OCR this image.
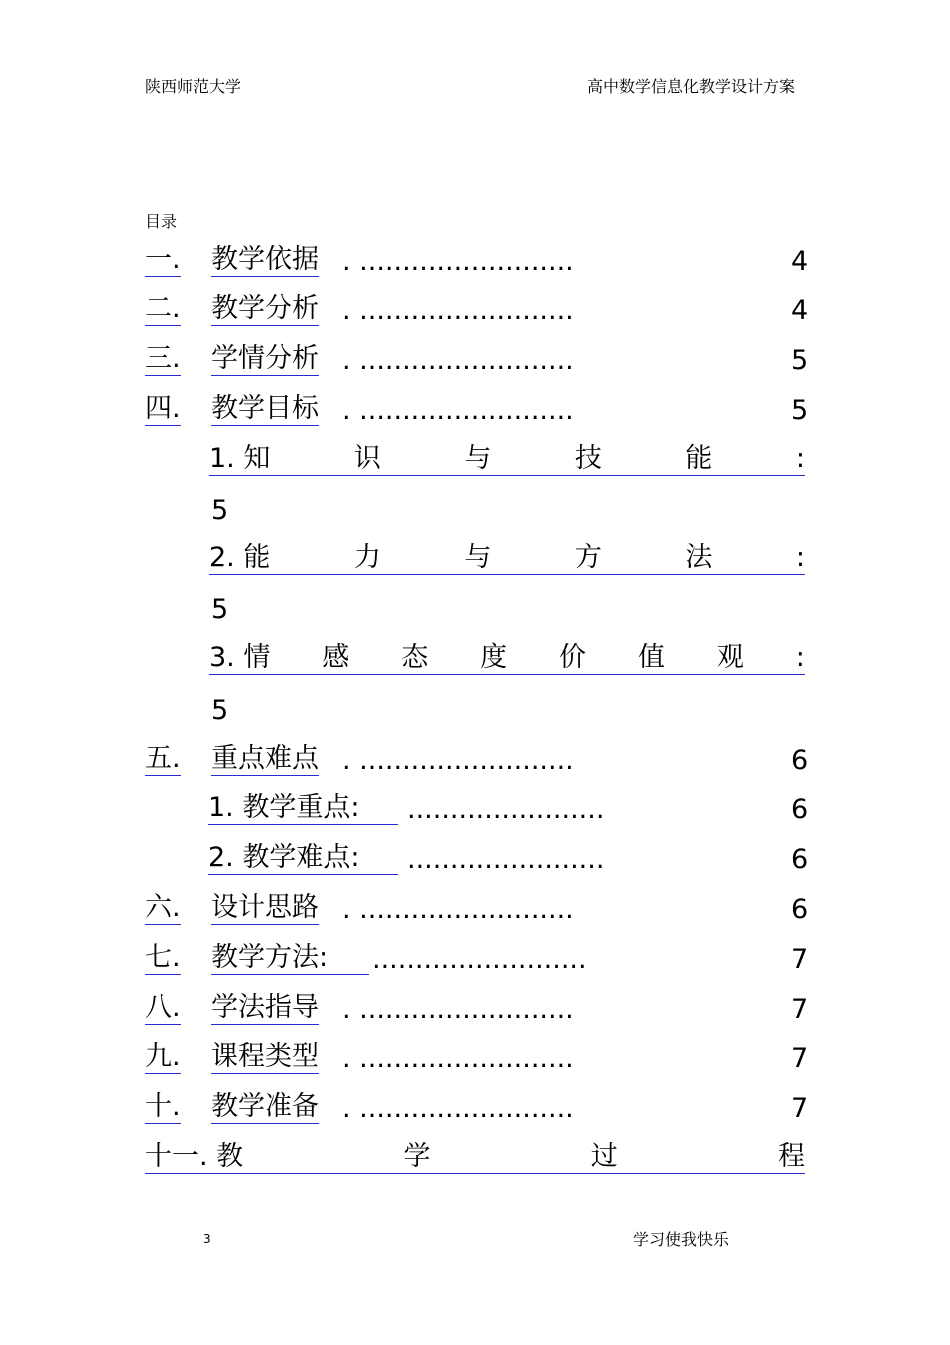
陕西师范大学	高中数学信息化教学设计方案
目录
一. 教学依据 . .........................	4
二. 教学分析 . .........................	4
三. 学情分析 . .........................	5
四. 教学目标 . .........................	5
1. 知	识	与	技	能	:
5
2. 能	力	与	方	法	:
5
3. 情 感 态 度 价 值 观 :
5
五. 重点难点 . .........................	6
1. 教学重点:	.......................	6
2. 教学难点:	.......................	6
六. 设计思路 . .........................	6
七. 教学方法:	.........................	7
八. 学法指导 . .........................	7
九. 课程类型 . .........................	7
十. 教学准备 . .........................	7
十一. 教	学	过	程
3	学习使我快乐
